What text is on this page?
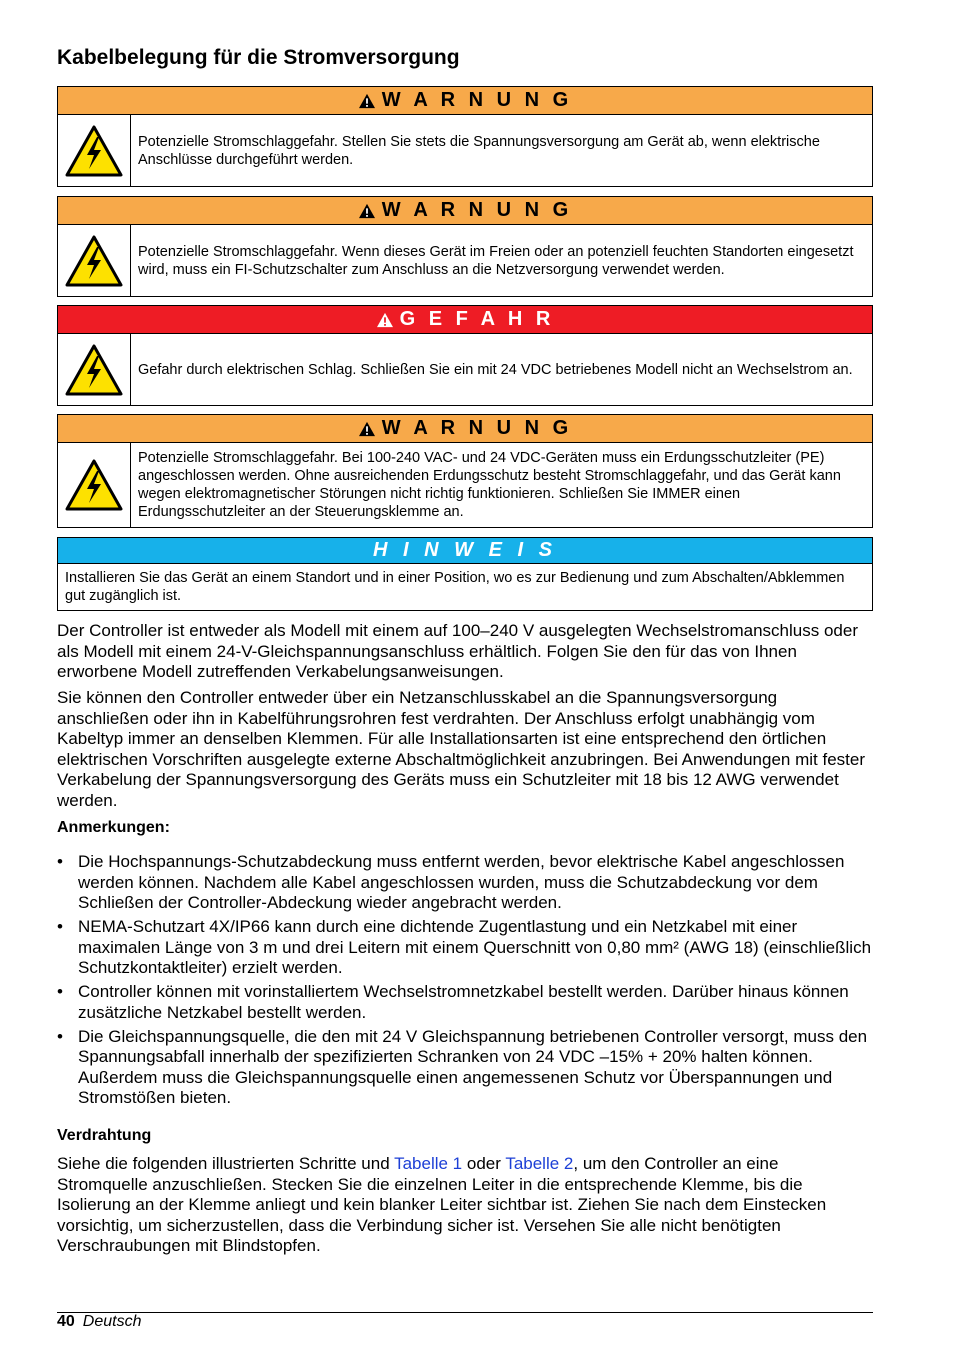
Kabelbelegung für die Stromversorgung
W A R N U N G
Potenzielle Stromschlaggefahr. Stellen Sie stets die Spannungsversorgung am Gerät ab, wenn elektrische Anschlüsse durchgeführt werden.
W A R N U N G
Potenzielle Stromschlaggefahr. Wenn dieses Gerät im Freien oder an potenziell feuchten Standorten eingesetzt wird, muss ein FI-Schutzschalter zum Anschluss an die Netzversorgung verwendet werden.
G E F A H R
Gefahr durch elektrischen Schlag. Schließen Sie ein mit 24 VDC betriebenes Modell nicht an Wechselstrom an.
W A R N U N G
Potenzielle Stromschlaggefahr. Bei 100-240 VAC- und 24 VDC-Geräten muss ein Erdungsschutzleiter (PE) angeschlossen werden. Ohne ausreichenden Erdungsschutz besteht Stromschlaggefahr, und das Gerät kann wegen elektromagnetischer Störungen nicht richtig funktionieren. Schließen Sie IMMER einen Erdungsschutzleiter an der Steuerungsklemme an.
H I N W E I S
Installieren Sie das Gerät an einem Standort und in einer Position, wo es zur Bedienung und zum Abschalten/Abklemmen gut zugänglich ist.

Der Controller ist entweder als Modell mit einem auf 100–240 V ausgelegten Wechselstromanschluss oder als Modell mit einem 24-V-Gleichspannungsanschluss erhältlich. Folgen Sie den für das von Ihnen erworbene Modell zutreffenden Verkabelungsanweisungen.

Sie können den Controller entweder über ein Netzanschlusskabel an die Spannungsversorgung anschließen oder ihn in Kabelführungsrohren fest verdrahten. Der Anschluss erfolgt unabhängig vom Kabeltyp immer an denselben Klemmen. Für alle Installationsarten ist eine entsprechend den örtlichen elektrischen Vorschriften ausgelegte externe Abschaltmöglichkeit anzubringen. Bei Anwendungen mit fester Verkabelung der Spannungsversorgung des Geräts muss ein Schutzleiter mit 18 bis 12 AWG verwendet werden.

Anmerkungen:

• Die Hochspannungs-Schutzabdeckung muss entfernt werden, bevor elektrische Kabel angeschlossen werden können. Nachdem alle Kabel angeschlossen wurden, muss die Schutzabdeckung vor dem Schließen der Controller-Abdeckung wieder angebracht werden.
• NEMA-Schutzart 4X/IP66 kann durch eine dichtende Zugentlastung und ein Netzkabel mit einer maximalen Länge von 3 m und drei Leitern mit einem Querschnitt von 0,80 mm² (AWG 18) (einschließlich Schutzkontaktleiter) erzielt werden.
• Controller können mit vorinstalliertem Wechselstromnetzkabel bestellt werden. Darüber hinaus können zusätzliche Netzkabel bestellt werden.
• Die Gleichspannungsquelle, die den mit 24 V Gleichspannung betriebenen Controller versorgt, muss den Spannungsabfall innerhalb der spezifizierten Schranken von 24 VDC –15% + 20% halten können. Außerdem muss die Gleichspannungsquelle einen angemessenen Schutz vor Überspannungen und Stromstößen bieten.

Verdrahtung

Siehe die folgenden illustrierten Schritte und Tabelle 1 oder Tabelle 2, um den Controller an eine Stromquelle anzuschließen. Stecken Sie die einzelnen Leiter in die entsprechende Klemme, bis die Isolierung an der Klemme anliegt und kein blanker Leiter sichtbar ist. Ziehen Sie nach dem Einstecken vorsichtig, um sicherzustellen, dass die Verbindung sicher ist. Versehen Sie alle nicht benötigten Verschraubungen mit Blindstopfen.

40 Deutsch
